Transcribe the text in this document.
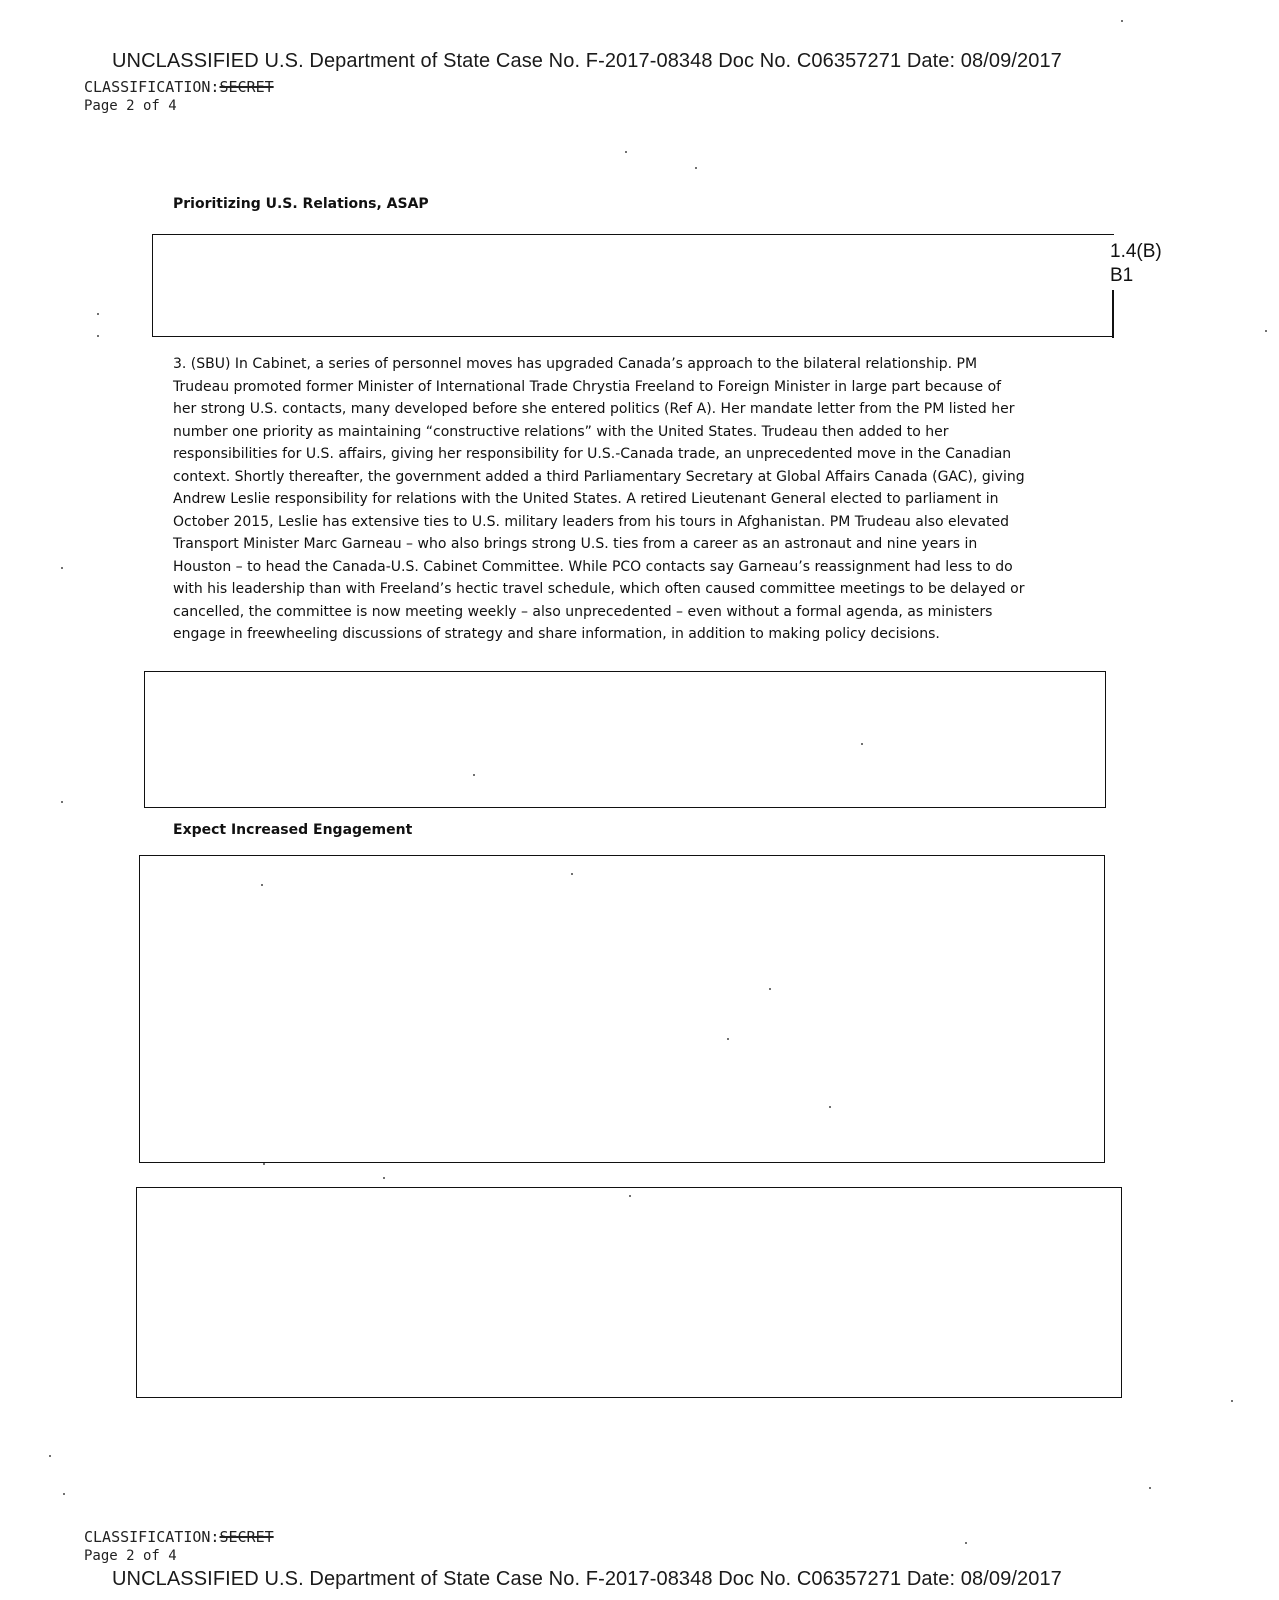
UNCLASSIFIED U.S. Department of State Case No. F-2017-08348 Doc No. C06357271 Date: 08/09/2017
CLASSIFICATION:SECRET
Page 2 of 4
Prioritizing U.S. Relations, ASAP
1.4(B)
B1
3. (SBU) In Cabinet, a series of personnel moves has upgraded Canada’s approach to the bilateral relationship. PM
Trudeau promoted former Minister of International Trade Chrystia Freeland to Foreign Minister in large part because of
her strong U.S. contacts, many developed before she entered politics (Ref A). Her mandate letter from the PM listed her
number one priority as maintaining “constructive relations” with the United States. Trudeau then added to her
responsibilities for U.S. affairs, giving her responsibility for U.S.-Canada trade, an unprecedented move in the Canadian
context. Shortly thereafter, the government added a third Parliamentary Secretary at Global Affairs Canada (GAC), giving
Andrew Leslie responsibility for relations with the United States. A retired Lieutenant General elected to parliament in
October 2015, Leslie has extensive ties to U.S. military leaders from his tours in Afghanistan. PM Trudeau also elevated
Transport Minister Marc Garneau – who also brings strong U.S. ties from a career as an astronaut and nine years in
Houston – to head the Canada-U.S. Cabinet Committee. While PCO contacts say Garneau’s reassignment had less to do
with his leadership than with Freeland’s hectic travel schedule, which often caused committee meetings to be delayed or
cancelled, the committee is now meeting weekly – also unprecedented – even without a formal agenda, as ministers
engage in freewheeling discussions of strategy and share information, in addition to making policy decisions.
Expect Increased Engagement
CLASSIFICATION:SECRET
Page 2 of 4
UNCLASSIFIED U.S. Department of State Case No. F-2017-08348 Doc No. C06357271 Date: 08/09/2017
